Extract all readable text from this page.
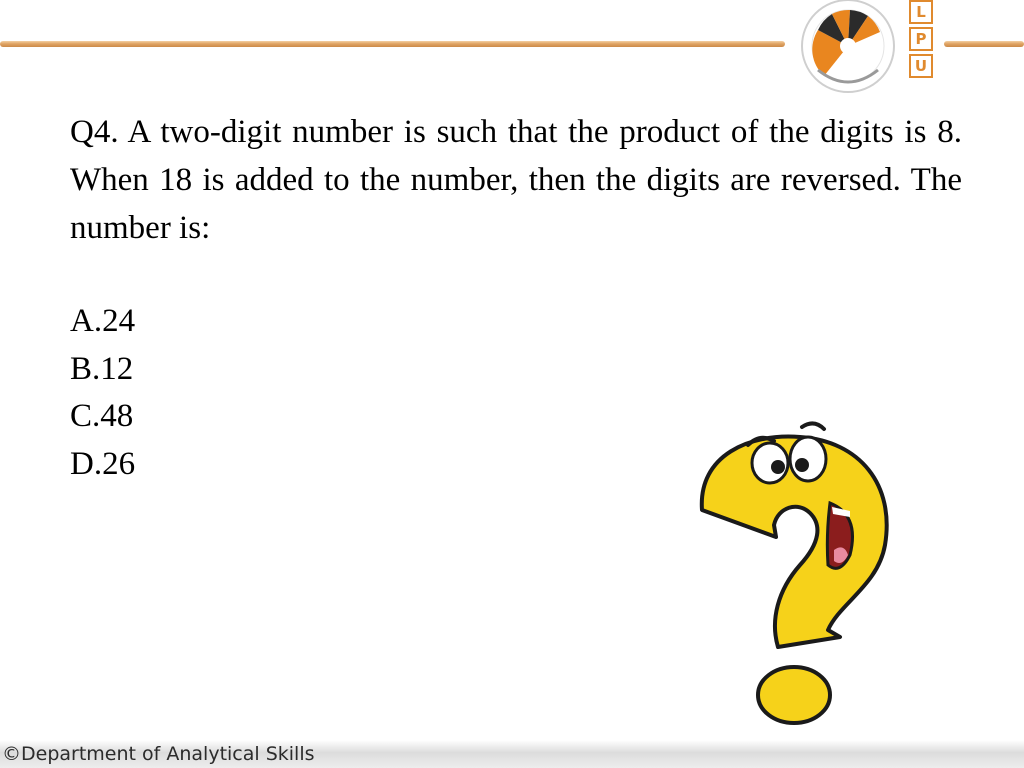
L
P
U
Q4. A two-digit number is such that the product of the digits is 8. When 18 is added to the number, then the digits are reversed. The number is:
A.24
B.12
C.48
D.26
©Department of Analytical Skills
